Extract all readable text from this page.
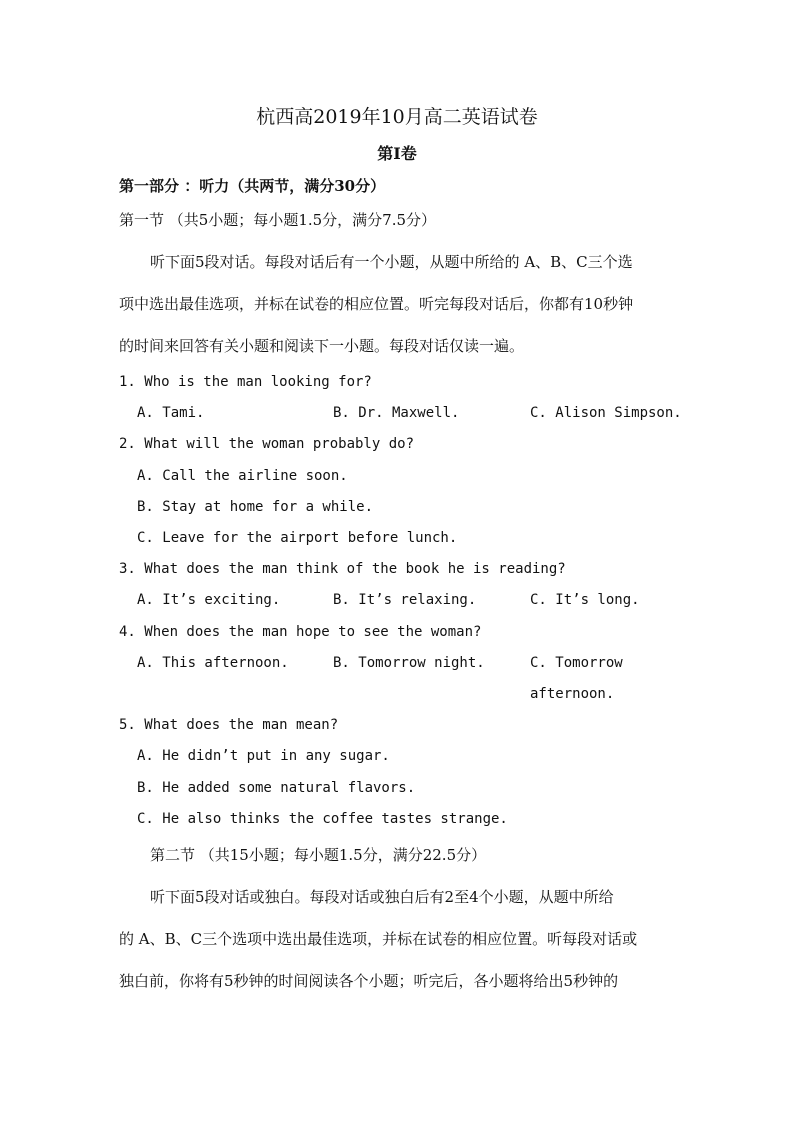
杭西高2019年10月高二英语试卷
第I卷
第一部分 ：听力（共两节，满分30分）
第一节 （共5小题；每小题1.5分，满分7.5分）
听下面5段对话。每段对话后有一个小题，从题中所给的 A、B、C三个选
项中选出最佳选项，并标在试卷的相应位置。听完每段对话后，你都有10秒钟
的时间来回答有关小题和阅读下一小题。每段对话仅读一遍。
1. Who is the man looking for?
A. Tami.	B. Dr. Maxwell.	C. Alison Simpson.
2. What will the woman probably do?
A. Call the airline soon.
B. Stay at home for a while.
C. Leave for the airport before lunch.
3. What does the man think of the book he is reading?
A. It’s exciting.	B. It’s relaxing.	C. It’s long.
4. When does the man hope to see the woman?
A. This afternoon.	B. Tomorrow night.	C. Tomorrow
afternoon.
5. What does the man mean?
A. He didn’t put in any sugar.
B. He added some natural flavors.
C. He also thinks the coffee tastes strange.
第二节 （共15小题；每小题1.5分，满分22.5分）
听下面5段对话或独白。每段对话或独白后有2至4个小题，从题中所给
的 A、B、C三个选项中选出最佳选项，并标在试卷的相应位置。听每段对话或
独白前，你将有5秒钟的时间阅读各个小题；听完后，各小题将给出5秒钟的
